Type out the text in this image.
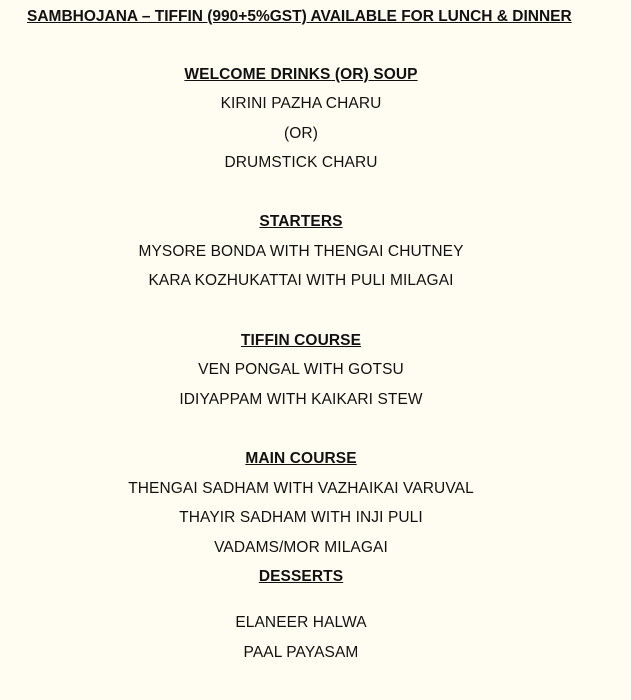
SAMBHOJANA – TIFFIN (990+5%GST) AVAILABLE FOR LUNCH & DINNER
WELCOME DRINKS (OR) SOUP
KIRINI PAZHA CHARU
(OR)
DRUMSTICK CHARU
STARTERS
MYSORE BONDA WITH THENGAI CHUTNEY
KARA KOZHUKATTAI WITH PULI MILAGAI
TIFFIN COURSE
VEN PONGAL WITH GOTSU
IDIYAPPAM WITH KAIKARI STEW
MAIN COURSE
THENGAI SADHAM WITH VAZHAIKAI VARUVAL
THAYIR SADHAM WITH INJI PULI
VADAMS/MOR MILAGAI
DESSERTS
ELANEER HALWA
PAAL PAYASAM
